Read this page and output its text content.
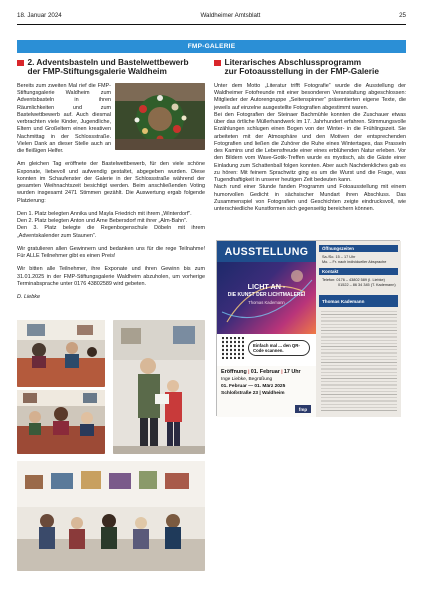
18. Januar 2024	Waldheimer Amtsblatt	25
FMP-GALERIE
2. Adventsbasteln und Bastelwettbewerb
der FMP-Stiftungsgalerie Waldheim

Bereits zum zweiten Mal rief die FMP-Stiftungsgalerie Waldheim zum Adventsbasteln in ihren Räumlichkeiten und zum Bastelwettbewerb auf. Auch diesmal verbrachten viele Kinder, Jugendliche, Eltern und Großeltern einen kreativen Nachmittag in der Schlossstraße. Vielen Dank an dieser Stelle auch an die fleißigen Helfer.

Am gleichen Tag eröffnete der Bastelwettbewerb, für den viele schöne Exponate, liebevoll und aufwendig gestaltet, abgegeben wurden. Diese konnten im Schaufenster der Galerie in der Schlossstraße während der gesamten Weihnachtszeit besichtigt werden. Beim anschließenden Voting wurden insgesamt 2471 Stimmen gezählt. Die Auswertung ergab folgende Platzierung:

Den 1. Platz belegten Annika und Mayla Friedrich mit ihrem „Winterdorf“.

Den 2. Platz belegten Anton und Arne Bebersdorf mit ihrer „Alm-Bahn“.

Den 3. Platz belegte die Regenbogenschule Döbeln mit ihrem „Adventskalender zum Staunen“.

Wir gratulieren allen Gewinnern und bedanken uns für die rege Teilnahme! Für ALLE Teilnehmer gibt es einen Preis!

Wir bitten alle Teilnehmer, ihre Exponate und ihren Gewinn bis zum 31.01.2025 in der FMP-Stiftungsgalerie Waldheim abzuholen, um vorherige Terminabsprache unter 0176 43802589 wird gebeten.

D. Liebke

Literarisches Abschlussprogramm
zur Fotoausstellung in der FMP-Galerie

Unter dem Motto „Literatur trifft Fotografie“ wurde die Ausstellung der Waldheimer Fotofreunde mit einer besonderen Veranstaltung abgeschlossen: Mitglieder der Autorengruppe „Seitenspinner“ präsentierten eigene Texte, die jeweils auf einzelne ausgestellte Fotografien abgestimmt waren.

Bei den Fotografien der Steinaer Bachmühle konnten die Zuschauer etwas über das örtliche Müllerhandwerk im 17. Jahrhundert erfahren. Stimmungsvolle Erzählungen schlugen einen Bogen von der Winter- in die Frühlingszeit. Sie arbeiteten mit der Atmosphäre und den Motiven der entsprechenden Fotografien und ließen die Zuhörer die Ruhe eines Wintertages, das Prasseln des Kamins und die Lebensfreude einer eines erblühenden Natur erleben. Vor den Bildern vom Wave-Gotik-Treffen wurde es mystisch, als die Gäste einer Einladung zum Schattenball folgen konnten. Aber auch Nachdenkliches gab es zu hören: Mit feinem Sprachwitz ging es um die Wurst und die Frage, was Tugendhaftigkeit in unserer heutigen Zeit bedeuten kann.

Nach rund einer Stunde fanden Programm und Fotoausstellung mit einem humorvollen Gedicht in sächsischer Mundart ihren Abschluss. Das Zusammenspiel von Fotografien und Geschichten zeigte eindrucksvoll, wie unterschiedliche Kunstformen sich gegenseitig bereichern können.

AUSSTELLUNG
LICHT AN -
DIE KUNST DER LICHTMALEREI
Thomas Kademann
Einfach mal ... den QR-Code scannen.
Eröffnung | 01. Februar | 17 Uhr
Inge Liebke, Begrüßung
01. Februar — 01. März 2025
Schloßstraße 23 | Waldheim
fmp
Öffnungszeiten
Sa./So. 15 – 17 Uhr
Mo. – Fr. nach individueller Absprache
Kontakt
Telefon: 0176 – 43802 589 (I. Liebke)
01522 – 86 34 345 (T. Kademann)
Thomas Kademann
